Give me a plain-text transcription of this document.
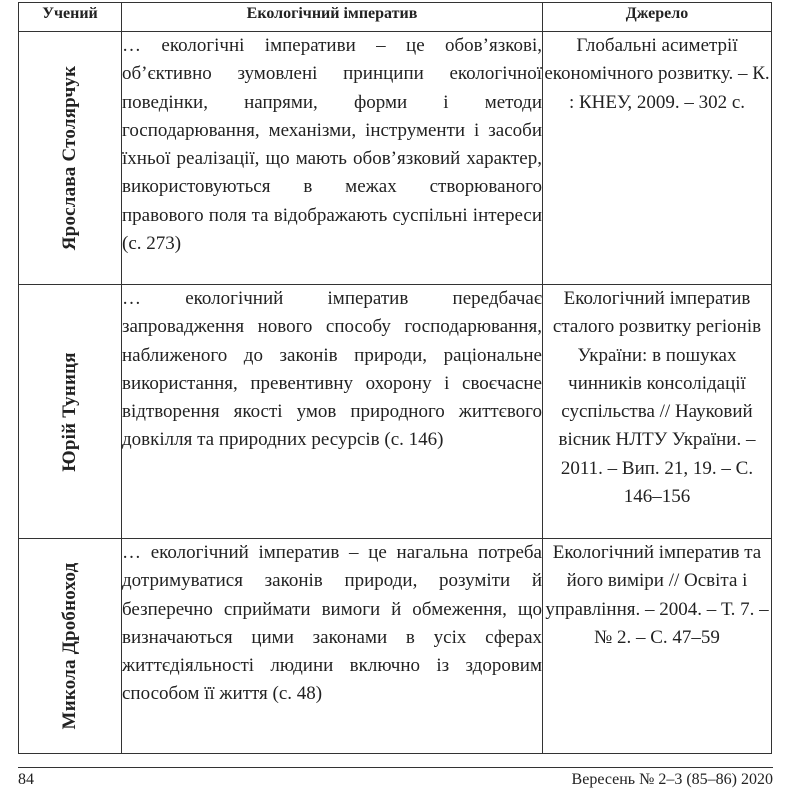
Учений	Екологічний імператив	Джерело

Ярослава Столярчук	… екологічні імперативи – це обов’язкові, об’єктивно зумовлені принципи екологічної поведінки, напрями, форми і методи господарювання, механізми, інструменти і засоби їхньої реалізації, що мають обов’язковий характер, використовуються в межах створюваного правового поля та відображають суспільні інтереси (с. 273)	Глобальні асиметрії економічного розвитку. – К. : КНЕУ, 2009. – 302 с.

Юрій Туниця	… екологічний імператив передбачає запровадження нового способу господарювання, наближеного до законів природи, раціональне використання, превентивну охорону і своєчасне відтворення якості умов природного життєвого довкілля та природних ресурсів (с. 146)	Екологічний імператив сталого розвитку регіонів України: в пошуках чинників консолідації суспільства // Науковий вісник НЛТУ України. – 2011. – Вип. 21, 19. – С. 146–156

Микола Дробноход	… екологічний імператив – це нагальна потреба дотримуватися законів природи, розуміти й безперечно сприймати вимоги й обмеження, що визначаються цими законами в усіх сферах життєдіяльності людини включно із здоровим способом її життя (с. 48)	Екологічний імператив та його виміри // Освіта і управління. – 2004. – Т. 7. – № 2. – С. 47–59
84	Вересень № 2–3 (85–86) 2020
